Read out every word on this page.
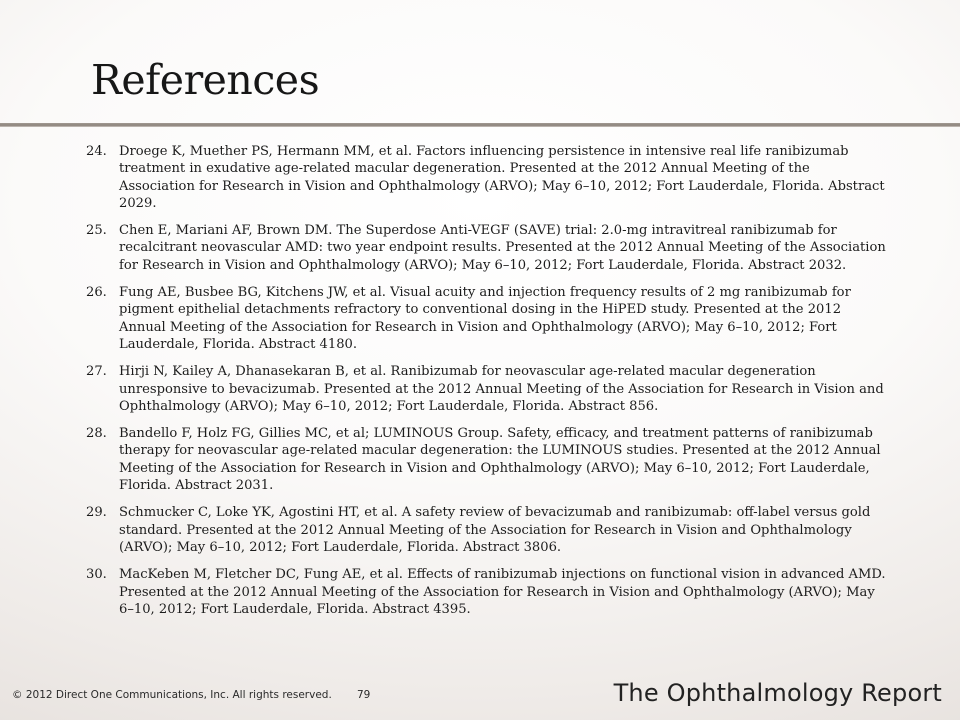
References
24. Droege K, Muether PS, Hermann MM, et al. Factors influencing persistence in intensive real life ranibizumab treatment in exudative age-related macular degeneration. Presented at the 2012 Annual Meeting of the Association for Research in Vision and Ophthalmology (ARVO); May 6–10, 2012; Fort Lauderdale, Florida. Abstract 2029.
25. Chen E, Mariani AF, Brown DM. The Superdose Anti-VEGF (SAVE) trial: 2.0-mg intravitreal ranibizumab for recalcitrant neovascular AMD: two year endpoint results. Presented at the 2012 Annual Meeting of the Association for Research in Vision and Ophthalmology (ARVO); May 6–10, 2012; Fort Lauderdale, Florida. Abstract 2032.
26. Fung AE, Busbee BG, Kitchens JW, et al. Visual acuity and injection frequency results of 2 mg ranibizumab for pigment epithelial detachments refractory to conventional dosing in the HiPED study. Presented at the 2012 Annual Meeting of the Association for Research in Vision and Ophthalmology (ARVO); May 6–10, 2012; Fort Lauderdale, Florida. Abstract 4180.
27. Hirji N, Kailey A, Dhanasekaran B, et al. Ranibizumab for neovascular age-related macular degeneration unresponsive to bevacizumab. Presented at the 2012 Annual Meeting of the Association for Research in Vision and Ophthalmology (ARVO); May 6–10, 2012; Fort Lauderdale, Florida. Abstract 856.
28. Bandello F, Holz FG, Gillies MC, et al; LUMINOUS Group. Safety, efficacy, and treatment patterns of ranibizumab therapy for neovascular age-related macular degeneration: the LUMINOUS studies. Presented at the 2012 Annual Meeting of the Association for Research in Vision and Ophthalmology (ARVO); May 6–10, 2012; Fort Lauderdale, Florida. Abstract 2031.
29. Schmucker C, Loke YK, Agostini HT, et al. A safety review of bevacizumab and ranibizumab: off-label versus gold standard. Presented at the 2012 Annual Meeting of the Association for Research in Vision and Ophthalmology (ARVO); May 6–10, 2012; Fort Lauderdale, Florida. Abstract 3806.
30. MacKeben M, Fletcher DC, Fung AE, et al. Effects of ranibizumab injections on functional vision in advanced AMD. Presented at the 2012 Annual Meeting of the Association for Research in Vision and Ophthalmology (ARVO); May 6–10, 2012; Fort Lauderdale, Florida. Abstract 4395.
© 2012 Direct One Communications, Inc. All rights reserved. 79	The Ophthalmology Report
